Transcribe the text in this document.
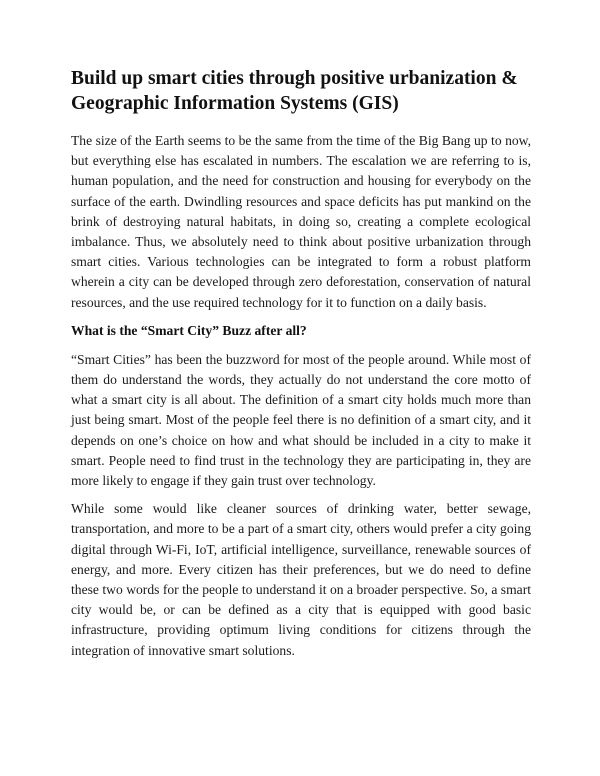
Build up smart cities through positive urbanization & Geographic Information Systems (GIS)

The size of the Earth seems to be the same from the time of the Big Bang up to now, but everything else has escalated in numbers. The escalation we are referring to is, human population, and the need for construction and housing for everybody on the surface of the earth. Dwindling resources and space deficits has put mankind on the brink of destroying natural habitats, in doing so, creating a complete ecological imbalance. Thus, we absolutely need to think about positive urbanization through smart cities. Various technologies can be integrated to form a robust platform wherein a city can be developed through zero deforestation, conservation of natural resources, and the use required technology for it to function on a daily basis.

What is the “Smart City” Buzz after all?

“Smart Cities” has been the buzzword for most of the people around. While most of them do understand the words, they actually do not understand the core motto of what a smart city is all about. The definition of a smart city holds much more than just being smart. Most of the people feel there is no definition of a smart city, and it depends on one’s choice on how and what should be included in a city to make it smart. People need to find trust in the technology they are participating in, they are more likely to engage if they gain trust over technology.

While some would like cleaner sources of drinking water, better sewage, transportation, and more to be a part of a smart city, others would prefer a city going digital through Wi-Fi, IoT, artificial intelligence, surveillance, renewable sources of energy, and more. Every citizen has their preferences, but we do need to define these two words for the people to understand it on a broader perspective. So, a smart city would be, or can be defined as a city that is equipped with good basic infrastructure, providing optimum living conditions for citizens through the integration of innovative smart solutions.
